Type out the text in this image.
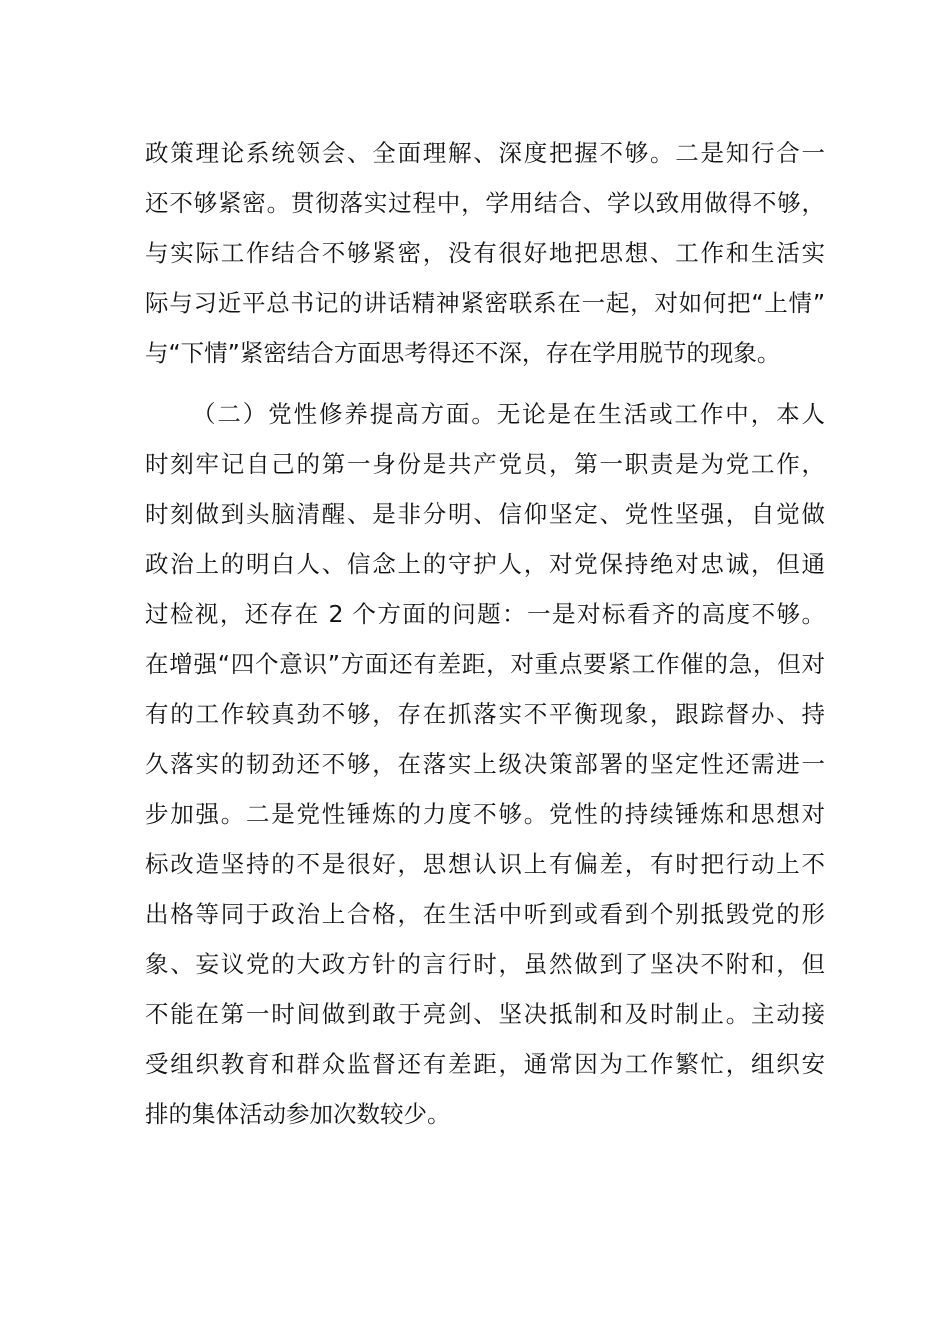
政策理论系统领会、全面理解、深度把握不够。二是知行合一
还不够紧密。贯彻落实过程中，学用结合、学以致用做得不够，
与实际工作结合不够紧密，没有很好地把思想、工作和生活实
际与习近平总书记的讲话精神紧密联系在一起，对如何把“上情”
与“下情”紧密结合方面思考得还不深，存在学用脱节的现象。
（二）党性修养提高方面。无论是在生活或工作中，本人
时刻牢记自己的第一身份是共产党员，第一职责是为党工作，
时刻做到头脑清醒、是非分明、信仰坚定、党性坚强，自觉做
政治上的明白人、信念上的守护人，对党保持绝对忠诚，但通
过检视，还存在 2 个方面的问题：一是对标看齐的高度不够。
在增强“四个意识”方面还有差距，对重点要紧工作催的急，但对
有的工作较真劲不够，存在抓落实不平衡现象，跟踪督办、持
久落实的韧劲还不够，在落实上级决策部署的坚定性还需进一
步加强。二是党性锤炼的力度不够。党性的持续锤炼和思想对
标改造坚持的不是很好，思想认识上有偏差，有时把行动上不
出格等同于政治上合格，在生活中听到或看到个别抵毁党的形
象、妄议党的大政方针的言行时，虽然做到了坚决不附和，但
不能在第一时间做到敢于亮剑、坚决抵制和及时制止。主动接
受组织教育和群众监督还有差距，通常因为工作繁忙，组织安
排的集体活动参加次数较少。
